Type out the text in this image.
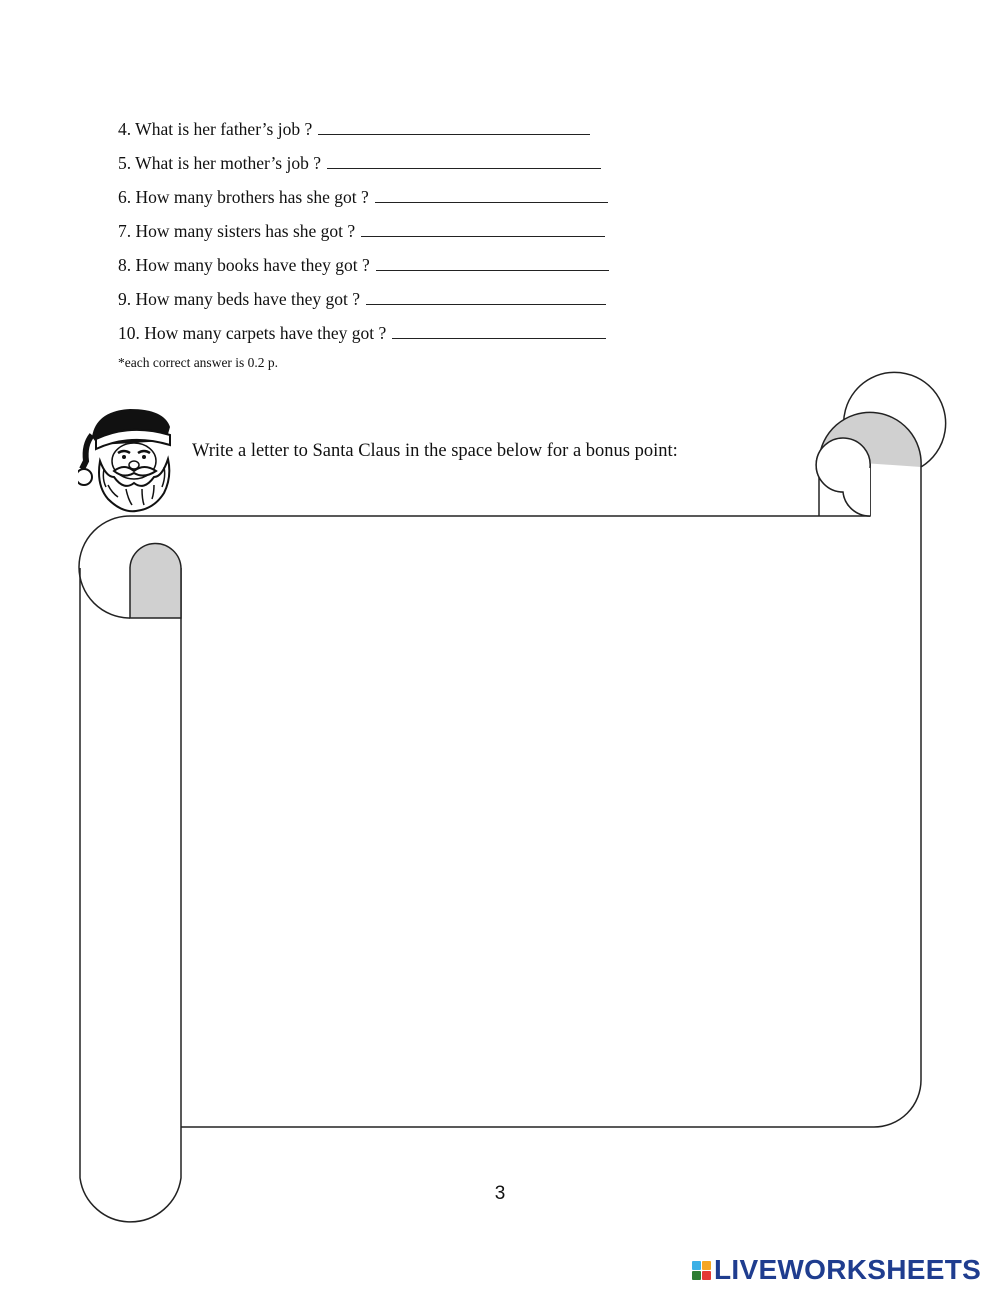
4. What is her father’s job ?
5. What is her mother’s job ?
6. How many brothers has she got ?
7. How many sisters has she got ?
8. How many books have they got ?
9. How many beds have they got ?
10. How many carpets have they got ?
*each correct answer is 0.2 p.
Write a letter to Santa Claus in the space below for a bonus point:
3
LIVEWORKSHEETS
